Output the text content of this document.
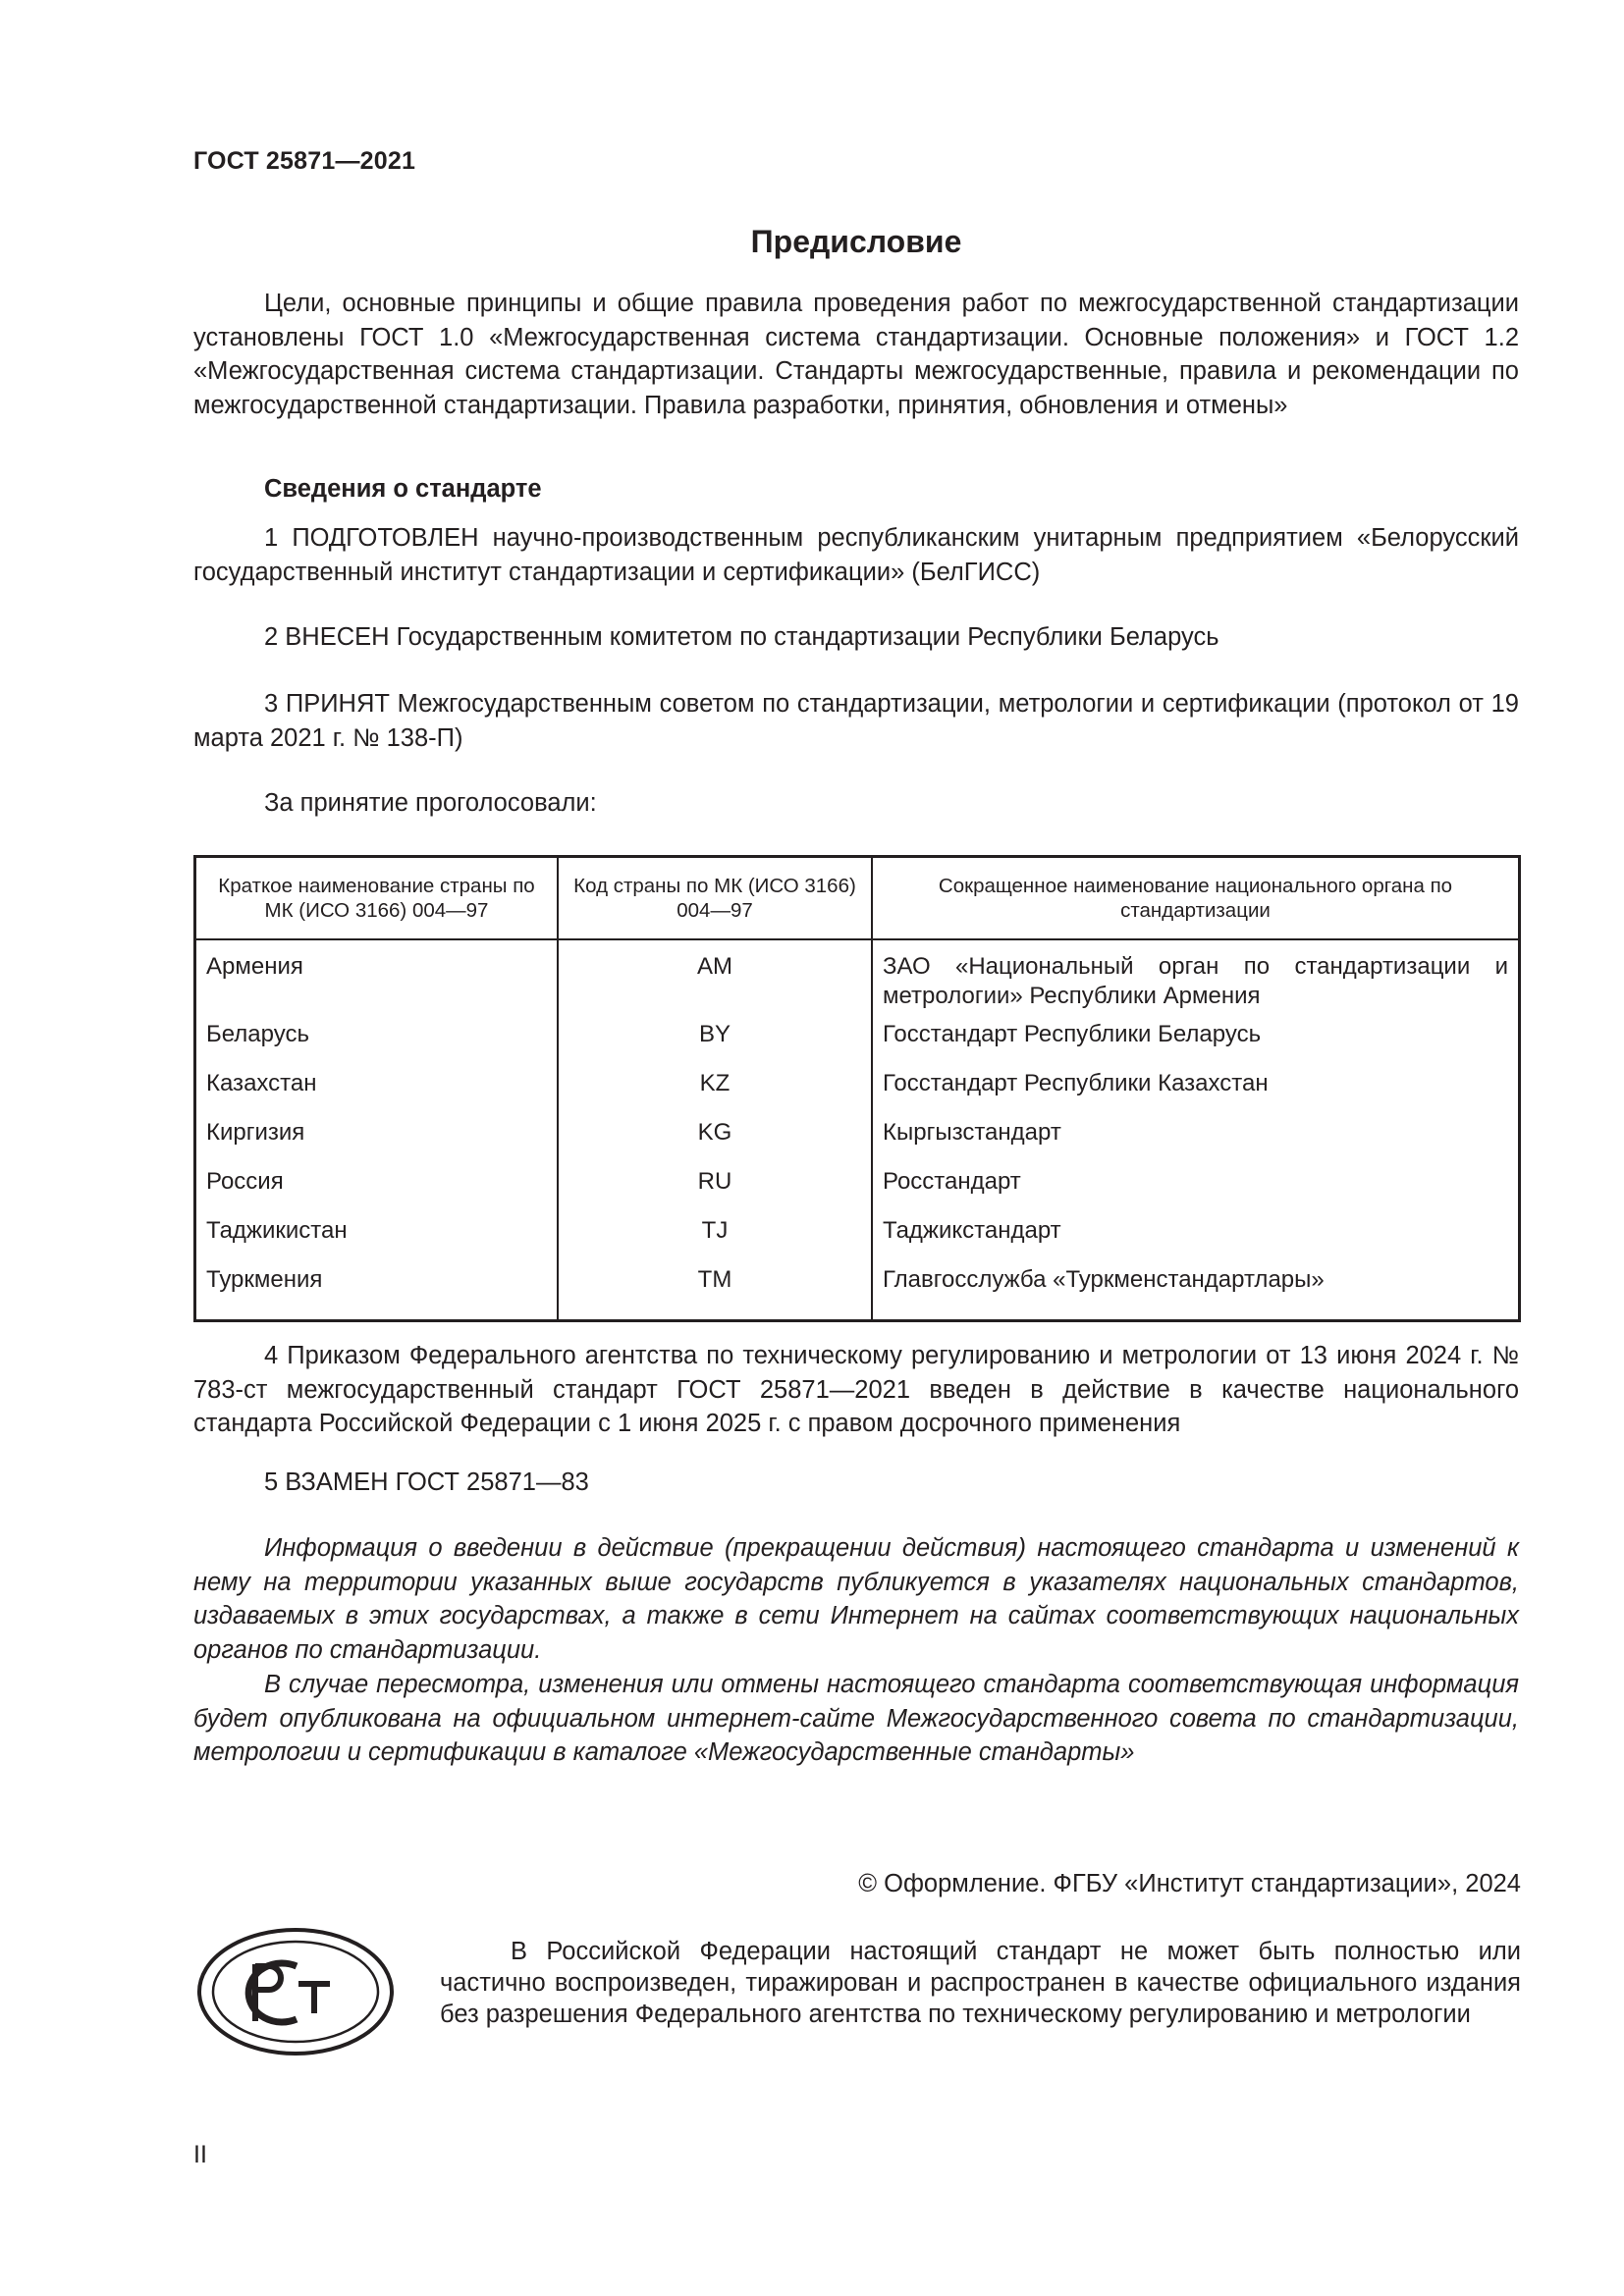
ГОСТ 25871—2021
Предисловие

Цели, основные принципы и общие правила проведения работ по межгосударственной стандартизации установлены ГОСТ 1.0 «Межгосударственная система стандартизации. Основные положения» и ГОСТ 1.2 «Межгосударственная система стандартизации. Стандарты межгосударственные, правила и рекомендации по межгосударственной стандартизации. Правила разработки, принятия, обновления и отмены»

Сведения о стандарте

1 ПОДГОТОВЛЕН научно-производственным республиканским унитарным предприятием «Белорусский государственный институт стандартизации и сертификации» (БелГИСС)

2 ВНЕСЕН Государственным комитетом по стандартизации Республики Беларусь

3 ПРИНЯТ Межгосударственным советом по стандартизации, метрологии и сертификации (протокол от 19 марта 2021 г. № 138-П)

За принятие проголосовали:

Краткое наименование страны по МК (ИСО 3166) 004—97	Код страны по МК (ИСО 3166) 004—97	Сокращенное наименование национального органа по стандартизации
Армения	AM	ЗАО «Национальный орган по стандартизации и метрологии» Республики Армения
Беларусь	BY	Госстандарт Республики Беларусь
Казахстан	KZ	Госстандарт Республики Казахстан
Киргизия	KG	Кыргызстандарт
Россия	RU	Росстандарт
Таджикистан	TJ	Таджикстандарт
Туркмения	TM	Главгосслужба «Туркменстандартлары»

4 Приказом Федерального агентства по техническому регулированию и метрологии от 13 июня 2024 г. № 783-ст межгосударственный стандарт ГОСТ 25871—2021 введен в действие в качестве национального стандарта Российской Федерации с 1 июня 2025 г. с правом досрочного применения

5 ВЗАМЕН ГОСТ 25871—83

Информация о введении в действие (прекращении действия) настоящего стандарта и изменений к нему на территории указанных выше государств публикуется в указателях национальных стандартов, издаваемых в этих государствах, а также в сети Интернет на сайтах соответствующих национальных органов по стандартизации.

В случае пересмотра, изменения или отмены настоящего стандарта соответствующая информация будет опубликована на официальном интернет-сайте Межгосударственного совета по стандартизации, метрологии и сертификации в каталоге «Межгосударственные стандарты»

© Оформление. ФГБУ «Институт стандартизации», 2024

В Российской Федерации настоящий стандарт не может быть полностью или частично воспроизведен, тиражирован и распространен в качестве официального издания без разрешения Федерального агентства по техническому регулированию и метрологии

II
